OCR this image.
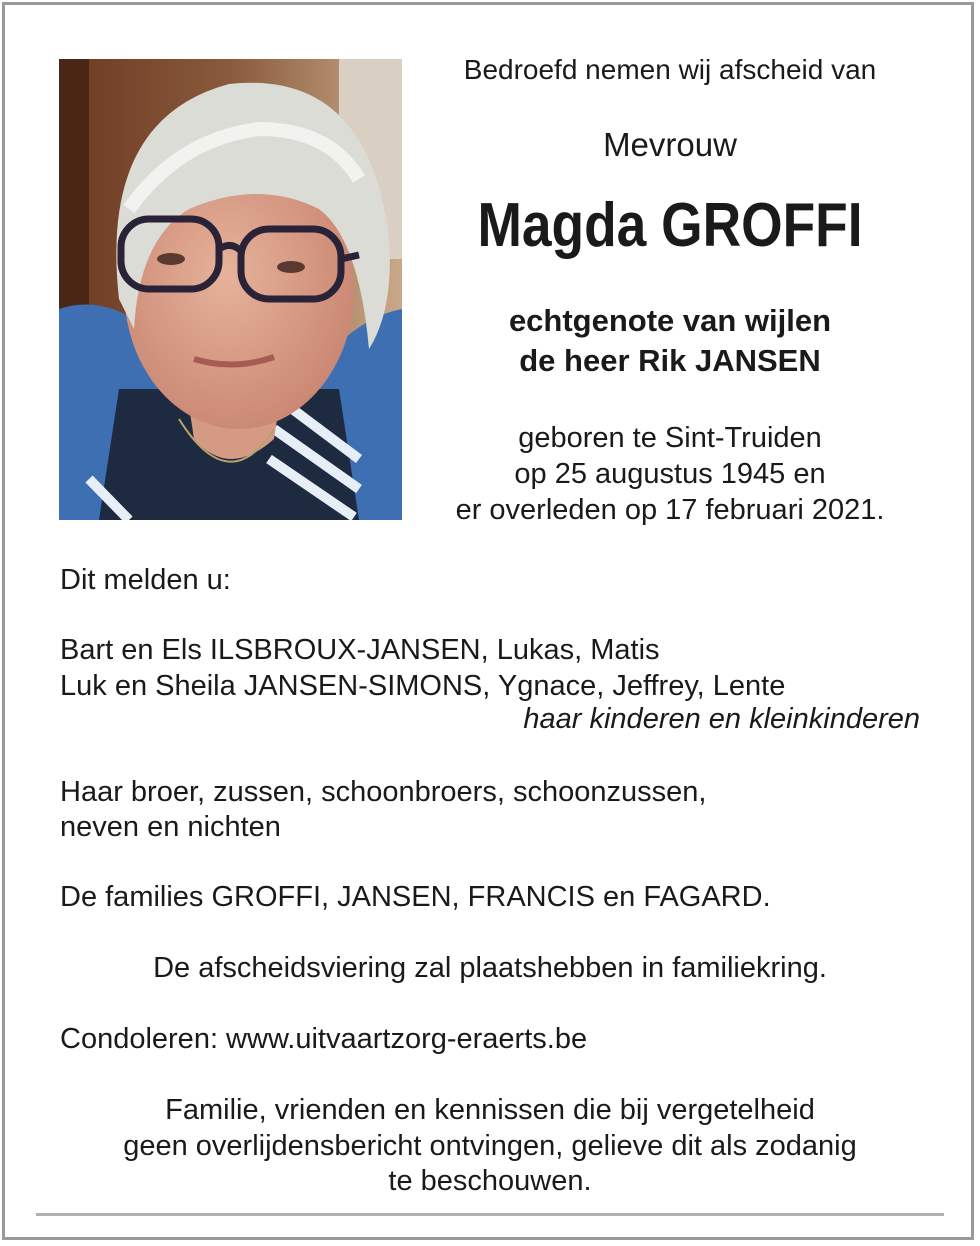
Bedroefd nemen wij afscheid van
Mevrouw
Magda GROFFI
echtgenote van wijlen
de heer Rik JANSEN
geboren te Sint-Truiden
op 25 augustus 1945 en
er overleden op 17 februari 2021.
Dit melden u:
Bart en Els ILSBROUX-JANSEN, Lukas, Matis
Luk en Sheila JANSEN-SIMONS, Ygnace, Jeffrey, Lente
haar kinderen en kleinkinderen
Haar broer, zussen, schoonbroers, schoonzussen,
neven en nichten
De families GROFFI, JANSEN, FRANCIS en FAGARD.
De afscheidsviering zal plaatshebben in familiekring.
Condoleren: www.uitvaartzorg-eraerts.be
Familie, vrienden en kennissen die bij vergetelheid
geen overlijdensbericht ontvingen, gelieve dit als zodanig
te beschouwen.
